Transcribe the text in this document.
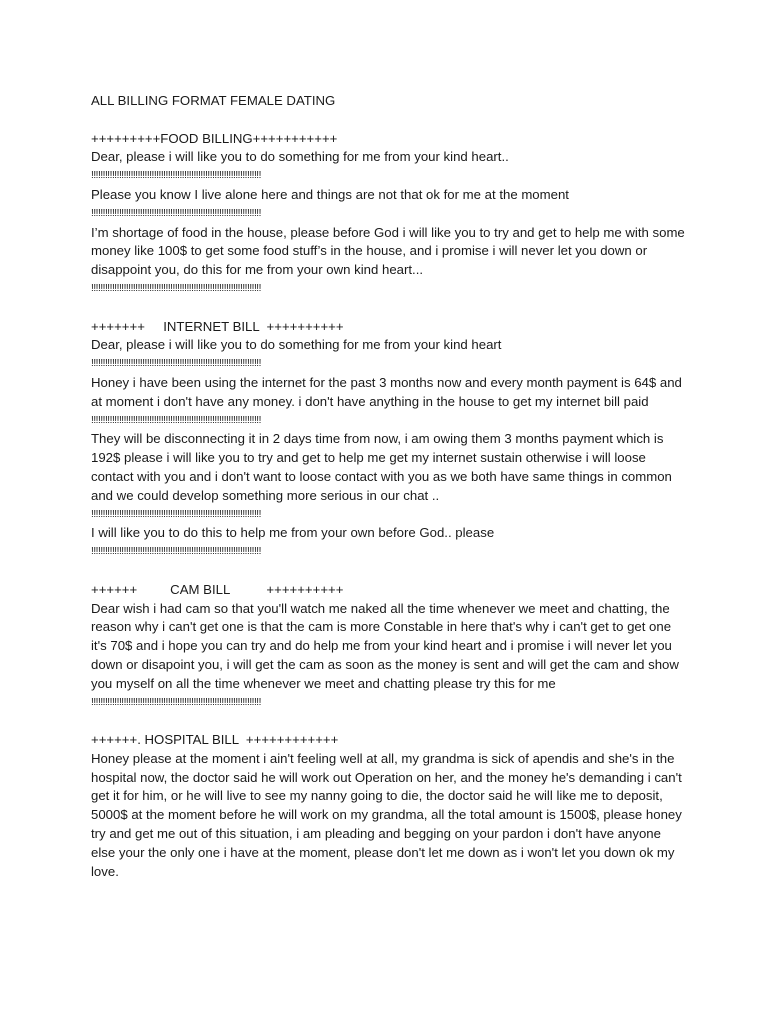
ALL BILLING FORMAT FEMALE DATING
+++++++++FOOD BILLING+++++++++++

Dear, please i will like you to do something for me from your kind heart..

!!!!!!!!!!!!!!!!!!!!!!!!!!!!!!!!!!!!!!!!!!!!!!!!!!!!!!!!!!!!!!!!!!!!!!!!!

Please you know I live alone here and things are not that ok for me at the moment

!!!!!!!!!!!!!!!!!!!!!!!!!!!!!!!!!!!!!!!!!!!!!!!!!!!!!!!!!!!!!!!!!!!!!!!!!

I’m shortage of food in the house, please before God i will like you to try and get to help me with some money like 100$ to get some food stuff’s in the house, and i promise i will never let you down or disappoint you, do this for me from your own kind heart...

!!!!!!!!!!!!!!!!!!!!!!!!!!!!!!!!!!!!!!!!!!!!!!!!!!!!!!!!!!!!!!!!!!!!!!!!!
+++++++     INTERNET BILL  ++++++++++

Dear, please i will like you to do something for me from your kind heart

!!!!!!!!!!!!!!!!!!!!!!!!!!!!!!!!!!!!!!!!!!!!!!!!!!!!!!!!!!!!!!!!!!!!!!!!!

Honey i have been using the internet for the past 3 months now and every month payment is 64$ and at moment i don't have any money. i don't have anything in the house to get my internet bill paid

!!!!!!!!!!!!!!!!!!!!!!!!!!!!!!!!!!!!!!!!!!!!!!!!!!!!!!!!!!!!!!!!!!!!!!!!!

They will be disconnecting it in 2 days time from now, i am owing them 3 months payment which is 192$ please i will like you to try and get to help me get my internet sustain otherwise i will loose contact with you and i don't want to loose contact with you as we both have same things in common and we could develop something more serious in our chat ..

!!!!!!!!!!!!!!!!!!!!!!!!!!!!!!!!!!!!!!!!!!!!!!!!!!!!!!!!!!!!!!!!!!!!!!!!!

I will like you to do this to help me from your own before God.. please

!!!!!!!!!!!!!!!!!!!!!!!!!!!!!!!!!!!!!!!!!!!!!!!!!!!!!!!!!!!!!!!!!!!!!!!!!
++++++         CAM BILL          ++++++++++

Dear wish i had cam so that you'll watch me naked all the time whenever we meet and chatting, the reason why i can't get one is that the cam is more Constable in here that's why i can't get to get one it's 70$ and i hope you can try and do help me from your kind heart and i promise i will never let you down or disapoint you, i will get the cam as soon as the money is sent and will get the cam and show you myself on all the time whenever we meet and chatting please try this for me

!!!!!!!!!!!!!!!!!!!!!!!!!!!!!!!!!!!!!!!!!!!!!!!!!!!!!!!!!!!!!!!!!!!!!!!!!
++++++. HOSPITAL BILL  ++++++++++++

Honey please at the moment i ain't feeling well at all, my grandma is sick of apendis and she's in the hospital now, the doctor said he will work out Operation on her, and the money he's demanding i can't get it for him, or he will live to see my nanny going to die, the doctor said he will like me to deposit, 5000$ at the moment before he will work on my grandma, all the total amount is 1500$, please honey try and get me out of this situation, i am pleading and begging on your pardon i don't have anyone else your the only one i have at the moment, please don't let me down as i won't let you down ok my love.
